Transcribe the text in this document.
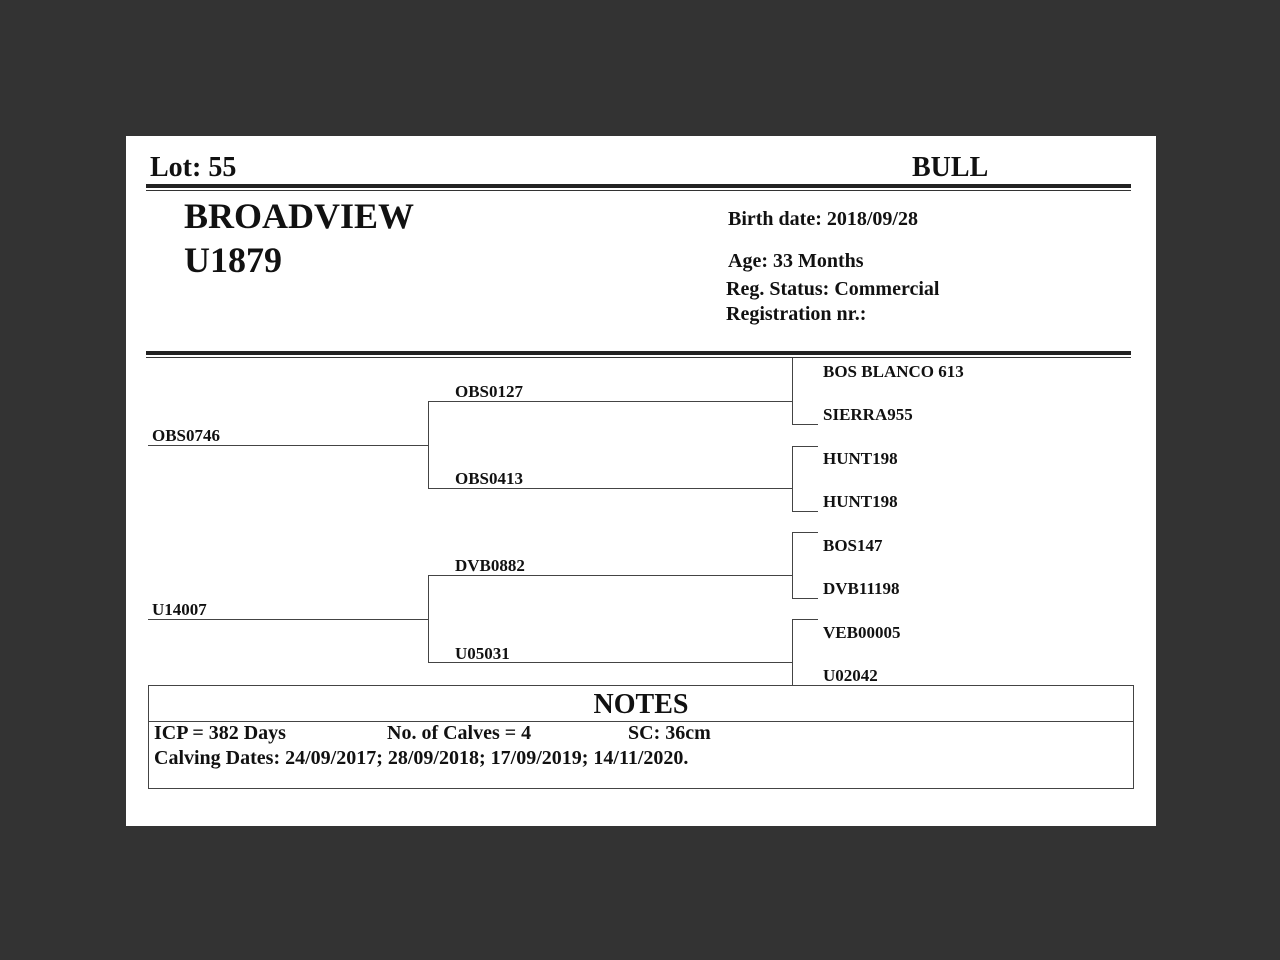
Lot: 55	BULL
BROADVIEW
U1879
Birth date: 2018/09/28
Age: 33 Months
Reg. Status: Commercial
Registration nr.:
OBS0746
U14007
OBS0127
OBS0413
DVB0882
U05031
BOS BLANCO 613
SIERRA955
HUNT198
HUNT198
BOS147
DVB11198
VEB00005
U02042
NOTES
ICP = 382 Days	No. of Calves = 4	SC: 36cm
Calving Dates: 24/09/2017; 28/09/2018; 17/09/2019; 14/11/2020.
